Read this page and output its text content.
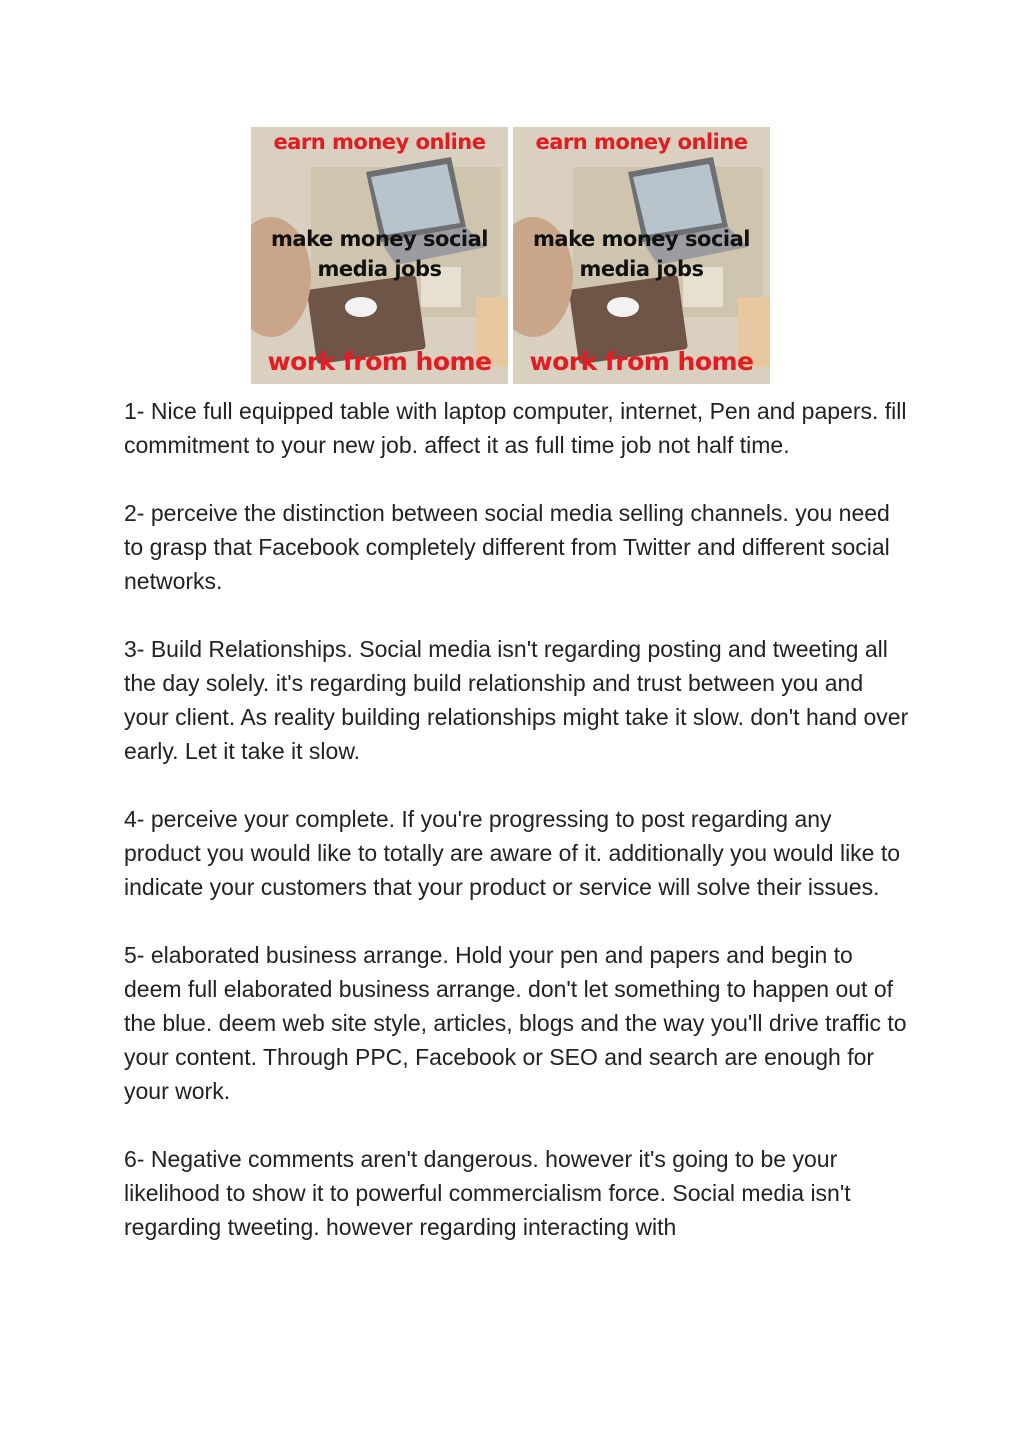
earn money online
make money social
media jobs
work from home
earn money online
make money social
media jobs
work from home

1- Nice full equipped table with laptop computer, internet, Pen and papers. fill commitment to your new job. affect it as full time job not half time.

2- perceive the distinction between social media selling channels. you need to grasp that Facebook completely different from Twitter and different social networks.

3- Build Relationships. Social media isn't regarding posting and tweeting all the day solely. it's regarding build relationship and trust between you and your client. As reality building relationships might take it slow. don't hand over early. Let it take it slow.

4- perceive your complete. If you're progressing to post regarding any product you would like to totally are aware of it. additionally you would like to indicate your customers that your product or service will solve their issues.

5- elaborated business arrange. Hold your pen and papers and begin to deem full elaborated business arrange. don't let something to happen out of the blue. deem web site style, articles, blogs and the way you'll drive traffic to your content. Through PPC, Facebook or SEO and search are enough for your work.

6- Negative comments aren't dangerous. however it's going to be your likelihood to show it to powerful commercialism force. Social media isn't regarding tweeting. however regarding interacting with
